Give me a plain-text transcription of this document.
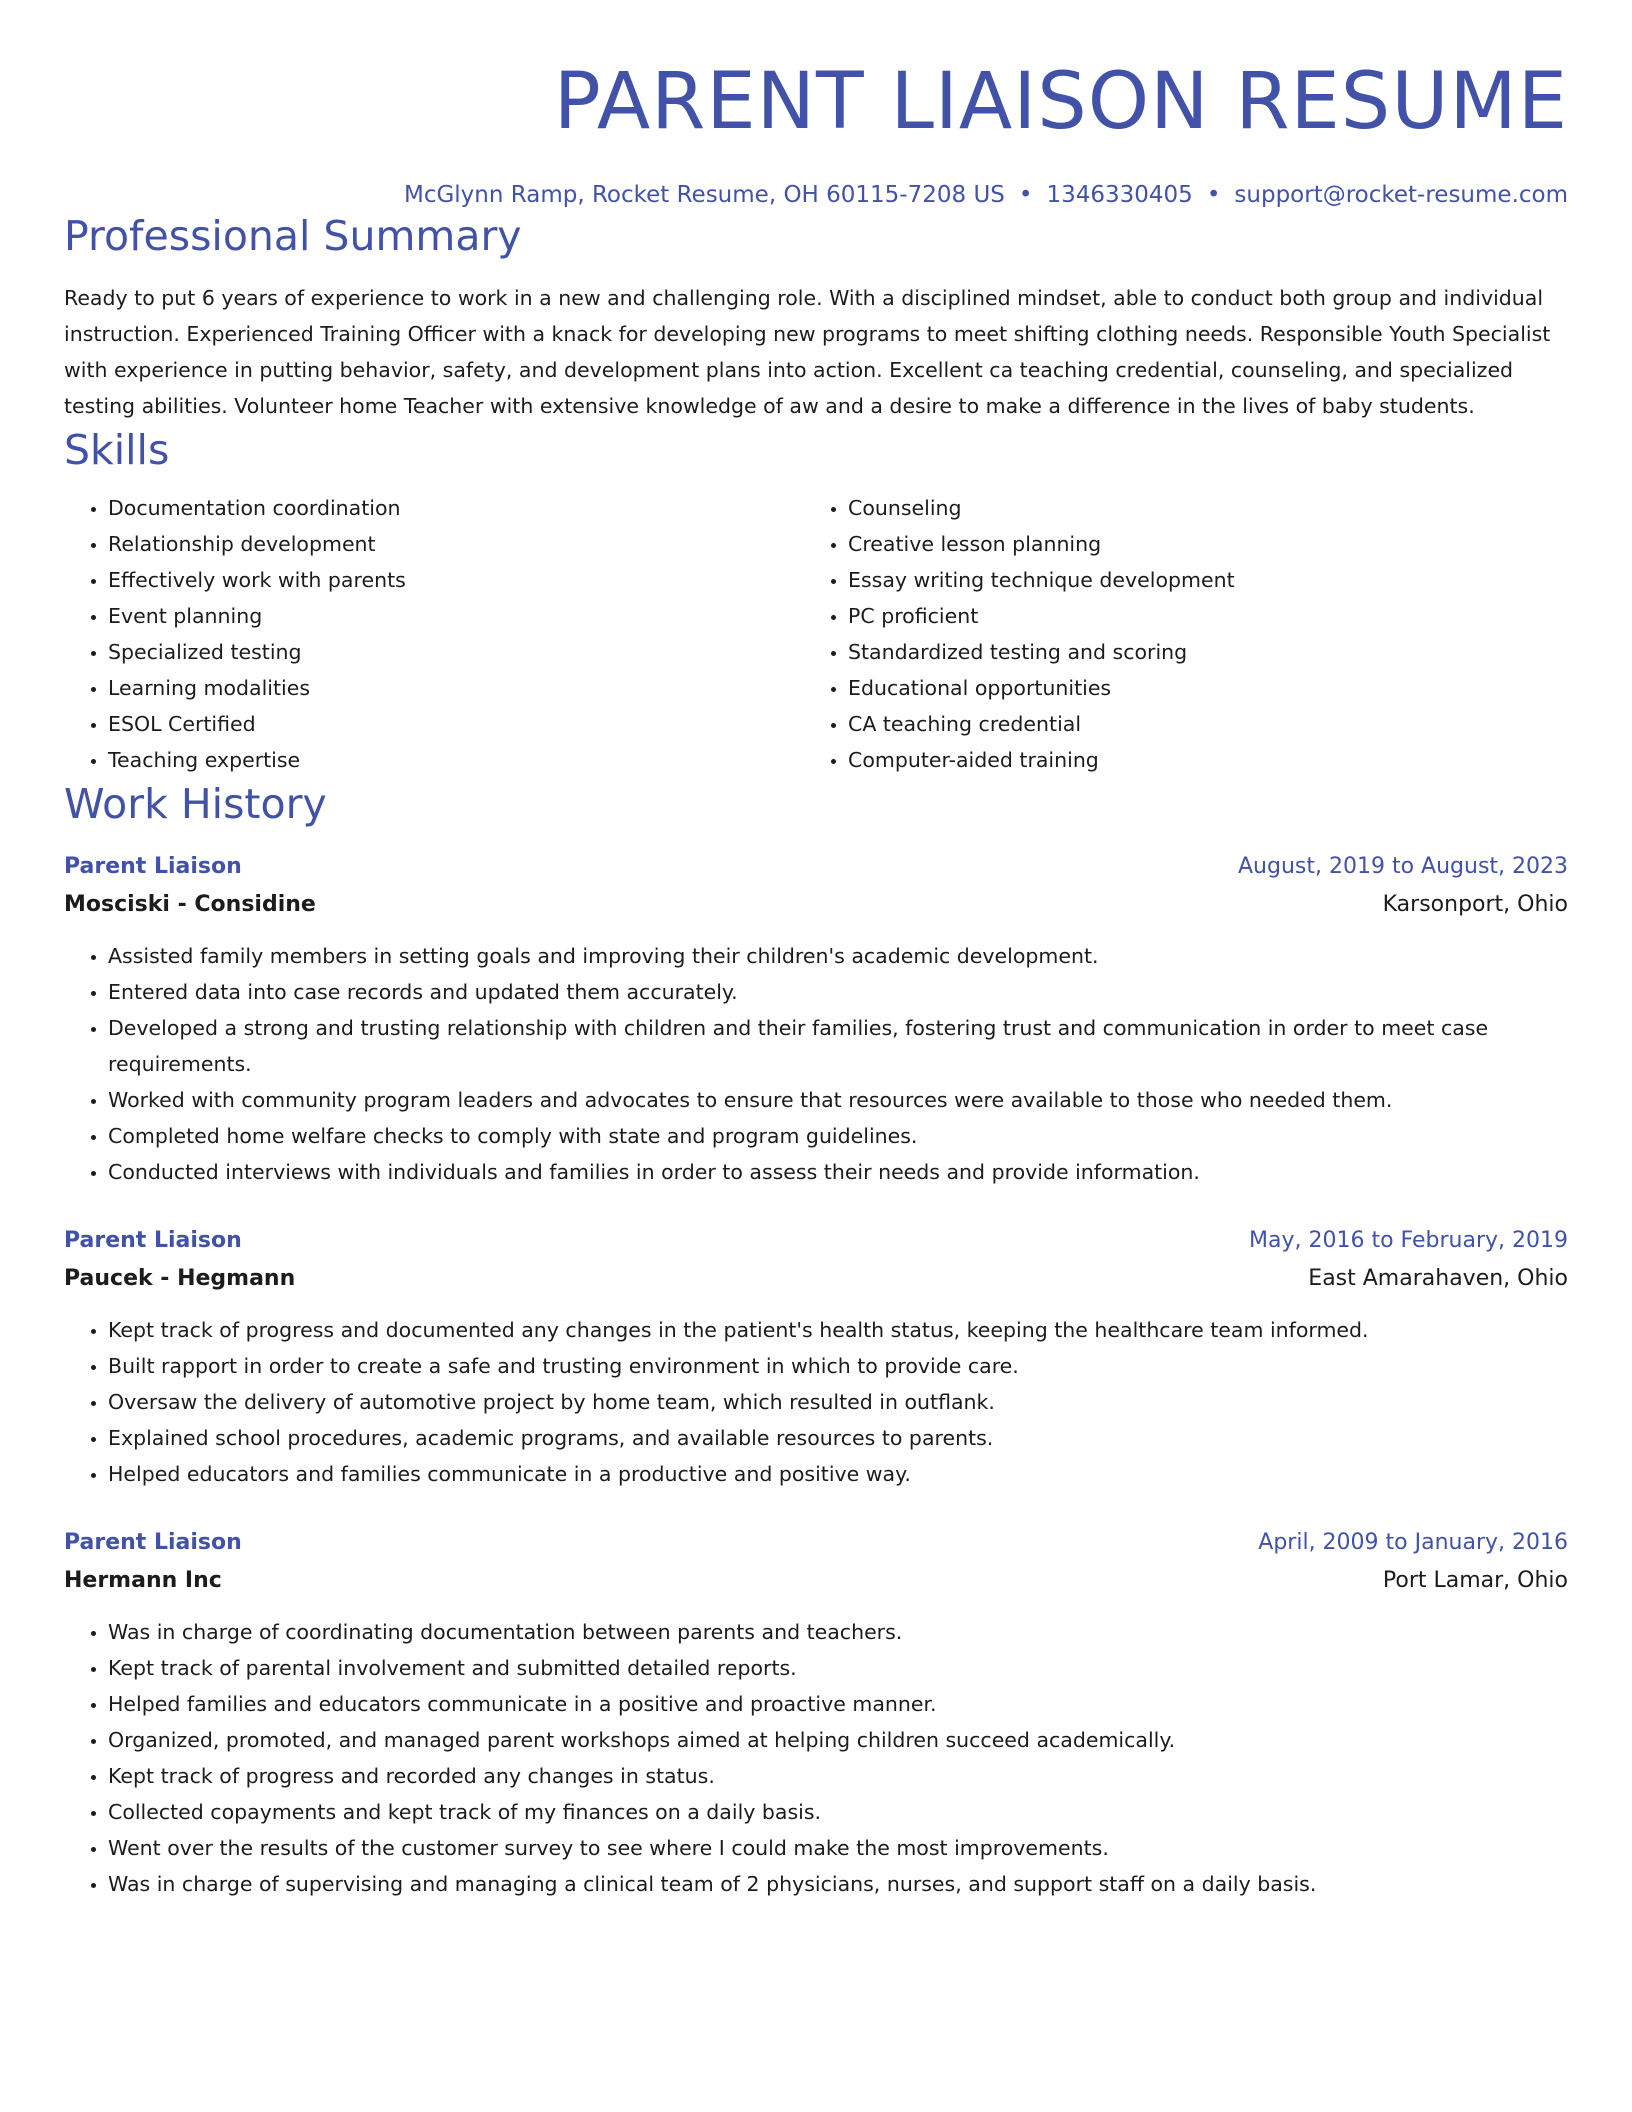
PARENT LIAISON RESUME
McGlynn Ramp, Rocket Resume, OH 60115-7208 US • 1346330405 • support@rocket-resume.com
Professional Summary

Ready to put 6 years of experience to work in a new and challenging role. With a disciplined mindset, able to conduct both group and individual instruction. Experienced Training Officer with a knack for developing new programs to meet shifting clothing needs. Responsible Youth Specialist with experience in putting behavior, safety, and development plans into action. Excellent ca teaching credential, counseling, and specialized testing abilities. Volunteer home Teacher with extensive knowledge of aw and a desire to make a difference in the lives of baby students.

Skills
• Documentation coordination
• Relationship development
• Effectively work with parents
• Event planning
• Specialized testing
• Learning modalities
• ESOL Certified
• Teaching expertise
• Counseling
• Creative lesson planning
• Essay writing technique development
• PC proficient
• Standardized testing and scoring
• Educational opportunities
• CA teaching credential
• Computer-aided training
Work History
Parent Liaison	August, 2019 to August, 2023
Mosciski - Considine	Karsonport, Ohio
• Assisted family members in setting goals and improving their children's academic development.
• Entered data into case records and updated them accurately.
• Developed a strong and trusting relationship with children and their families, fostering trust and communication in order to meet case requirements.
• Worked with community program leaders and advocates to ensure that resources were available to those who needed them.
• Completed home welfare checks to comply with state and program guidelines.
• Conducted interviews with individuals and families in order to assess their needs and provide information.
Parent Liaison	May, 2016 to February, 2019
Paucek - Hegmann	East Amarahaven, Ohio
• Kept track of progress and documented any changes in the patient's health status, keeping the healthcare team informed.
• Built rapport in order to create a safe and trusting environment in which to provide care.
• Oversaw the delivery of automotive project by home team, which resulted in outflank.
• Explained school procedures, academic programs, and available resources to parents.
• Helped educators and families communicate in a productive and positive way.
Parent Liaison	April, 2009 to January, 2016
Hermann Inc	Port Lamar, Ohio
• Was in charge of coordinating documentation between parents and teachers.
• Kept track of parental involvement and submitted detailed reports.
• Helped families and educators communicate in a positive and proactive manner.
• Organized, promoted, and managed parent workshops aimed at helping children succeed academically.
• Kept track of progress and recorded any changes in status.
• Collected copayments and kept track of my finances on a daily basis.
• Went over the results of the customer survey to see where I could make the most improvements.
• Was in charge of supervising and managing a clinical team of 2 physicians, nurses, and support staff on a daily basis.
